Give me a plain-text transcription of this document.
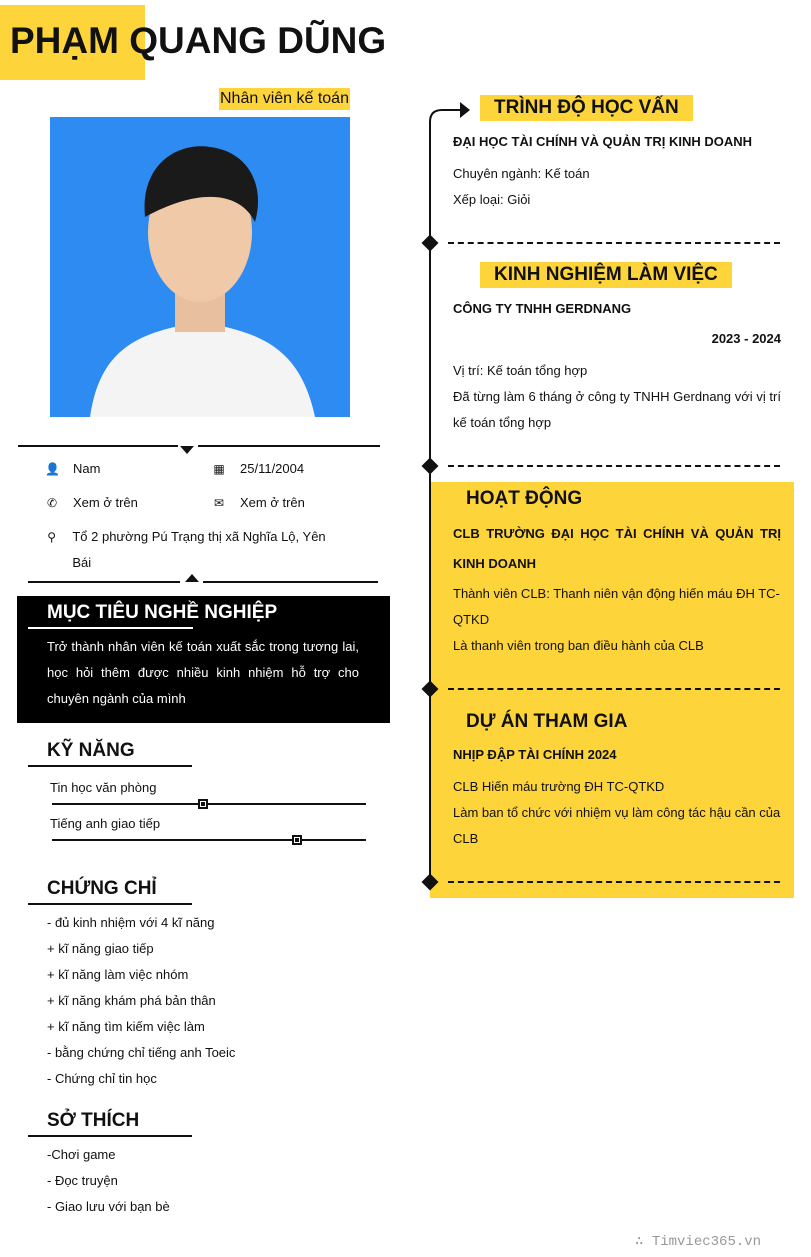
PHẠM QUANG DŨNG
Nhân viên kế toán
👤 Nam	▦ 25/11/2004
✆ Xem ở trên	✉ Xem ở trên
⚲ Tổ 2 phường Pú Trạng thị xã Nghĩa Lộ, Yên Bái
MỤC TIÊU NGHỀ NGHIỆP
Trở thành nhân viên kế toán xuất sắc trong tương lai, học hỏi thêm được nhiều kinh nhiệm hỗ trợ cho chuyên ngành của mình
KỸ NĂNG
Tin học văn phòng
Tiếng anh giao tiếp
CHỨNG CHỈ
- đủ kinh nhiệm với 4 kĩ năng
+ kĩ năng giao tiếp
+ kĩ năng làm việc nhóm
+ kĩ năng khám phá bản thân
+ kĩ năng tìm kiếm việc làm
- bằng chứng chỉ tiếng anh Toeic
- Chứng chỉ tin học
SỞ THÍCH
-Chơi game
- Đọc truyện
- Giao lưu với bạn bè
TRÌNH ĐỘ HỌC VẤN
ĐẠI HỌC TÀI CHÍNH VÀ QUẢN TRỊ KINH DOANH
Chuyên ngành: Kế toán
Xếp loại: Giỏi
KINH NGHIỆM LÀM VIỆC
CÔNG TY TNHH GERDNANG
2023 - 2024
Vị trí: Kế toán tổng hợp
Đã từng làm 6 tháng ở công ty TNHH Gerdnang với vị trí kế toán tổng hợp
HOẠT ĐỘNG
CLB TRƯỜNG ĐẠI HỌC TÀI CHÍNH VÀ QUẢN TRỊ KINH DOANH
Thành viên CLB: Thanh niên vận động hiến máu ĐH TC-QTKD
Là thanh viên trong ban điều hành của CLB
DỰ ÁN THAM GIA
NHỊP ĐẬP TÀI CHÍNH 2024
CLB Hiến máu trường ĐH TC-QTKD
Làm ban tổ chức với nhiệm vụ làm công tác hậu cần của CLB
∴ Timviec365.vn
